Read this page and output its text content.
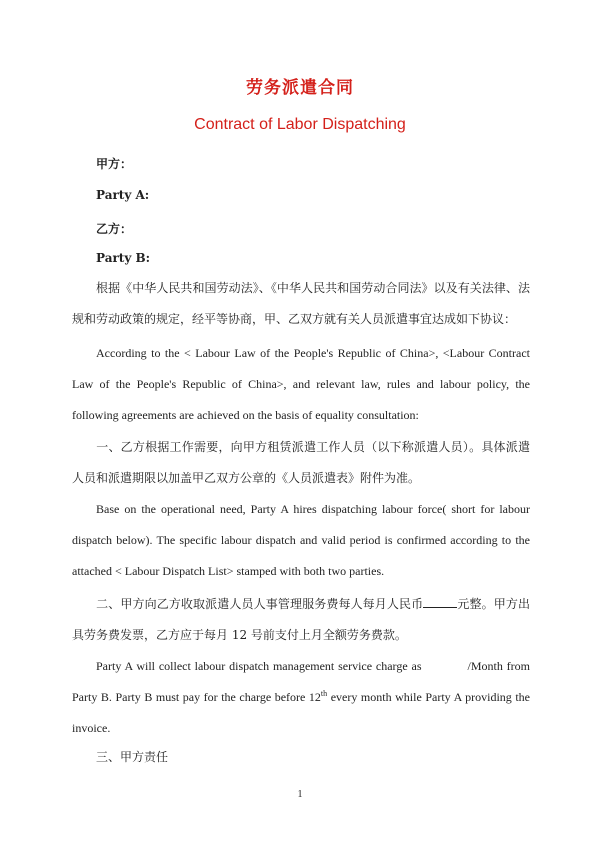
劳务派遣合同
Contract of Labor Dispatching
甲方：
Party A:
乙方：
Party B:
根据《中华人民共和国劳动法》、《中华人民共和国劳动合同法》以及有关法律、法规和劳动政策的规定，经平等协商，甲、乙双方就有关人员派遣事宜达成如下协议：
According to the < Labour Law of the People's Republic of China>, <Labour Contract Law of the People's Republic of China>, and relevant law, rules and labour policy, the following agreements are achieved on the basis of equality consultation:
一、乙方根据工作需要，向甲方租赁派遣工作人员（以下称派遣人员）。具体派遣人员和派遣期限以加盖甲乙双方公章的《人员派遣表》附件为准。
Base on the operational need, Party A hires dispatching labour force( short for labour dispatch below). The specific labour dispatch and valid period is confirmed according to the attached < Labour Dispatch List> stamped with both two parties.
二、甲方向乙方收取派遣人员人事管理服务费每人每月人民币	元整。甲方出具劳务费发票，乙方应于每月 12 号前支付上月全额劳务费款。
Party A will collect labour dispatch management service charge as	/Month from Party B. Party B must pay for the charge before 12th every month while Party A providing the invoice.
三、甲方责任
1
